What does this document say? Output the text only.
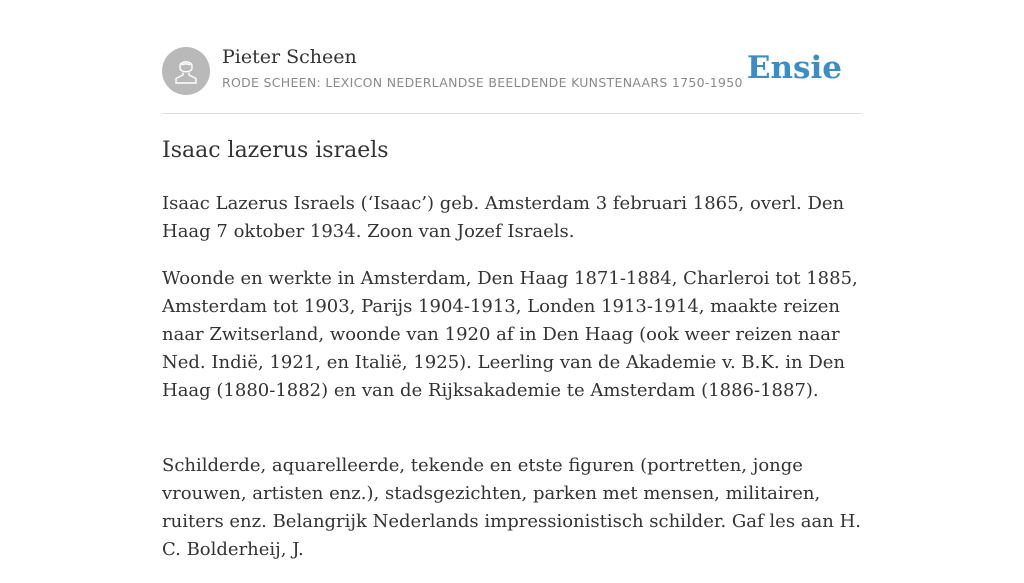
Pieter Scheen
RODE SCHEEN: LEXICON NEDERLANDSE BEELDENDE KUNSTENAARS 1750-1950 Ensie
Isaac lazerus israels

Isaac Lazerus Israels (‘Isaac’) geb. Amsterdam 3 februari 1865, overl. Den Haag 7 oktober 1934. Zoon van Jozef Israels.

Woonde en werkte in Amsterdam, Den Haag 1871-1884, Charleroi tot 1885, Amsterdam tot 1903, Parijs 1904-1913, Londen 1913-1914, maakte reizen naar Zwitserland, woonde van 1920 af in Den Haag (ook weer reizen naar Ned. Indië, 1921, en Italië, 1925). Leerling van de Akademie v. B.K. in Den Haag (1880-1882) en van de Rijksakademie te Amsterdam (1886-1887).

Schilderde, aquarelleerde, tekende en etste figuren (portretten, jonge vrouwen, artisten enz.), stadsgezichten, parken met mensen, militairen, ruiters enz. Belangrijk Nederlands impressionistisch schilder. Gaf les aan H. C. Bolderheij, J.
